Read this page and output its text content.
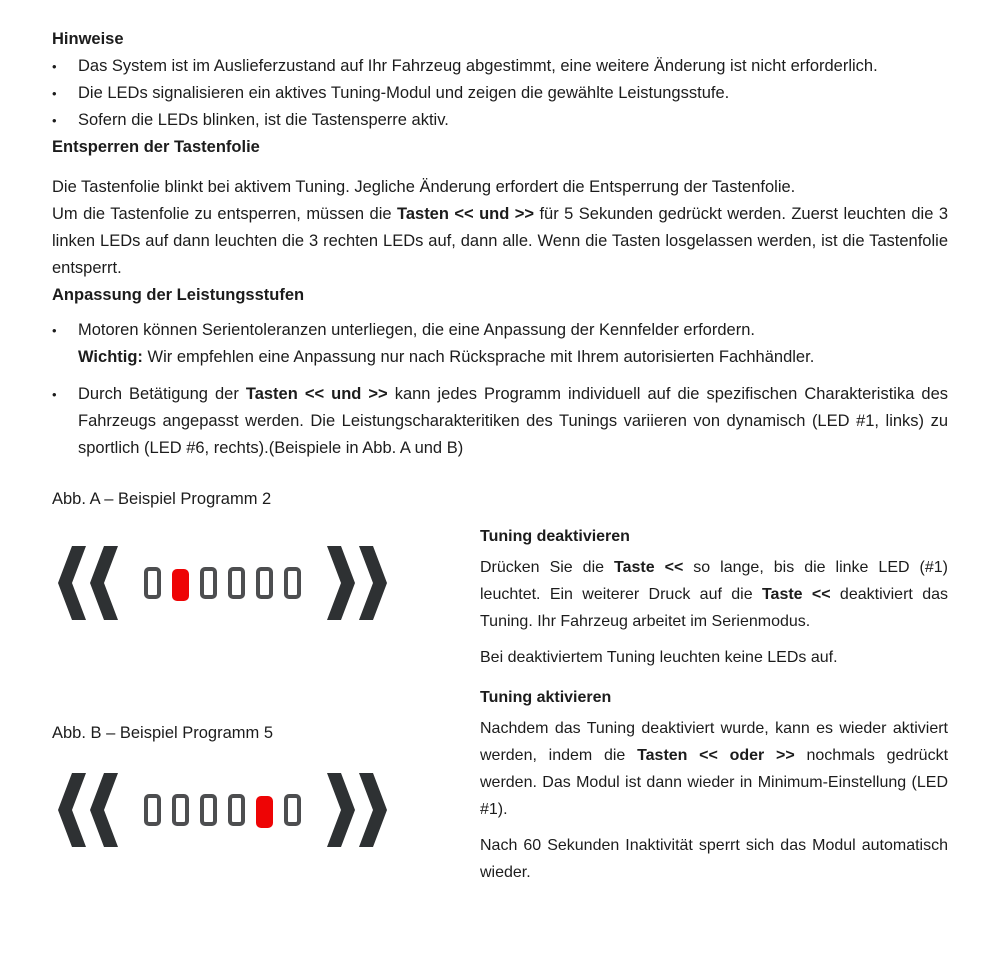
Hinweise
•	Das System ist im Auslieferzustand auf Ihr Fahrzeug abgestimmt, eine weitere Änderung ist nicht erforderlich.

•	Die LEDs signalisieren ein aktives Tuning-Modul und zeigen die gewählte Leistungsstufe.

•	Sofern die LEDs blinken, ist die Tastensperre aktiv.

Entsperren der Tastenfolie

Die Tastenfolie blinkt bei aktivem Tuning. Jegliche Änderung erfordert die Entsperrung der Tastenfolie.

Um die Tastenfolie zu entsperren, müssen die Tasten << und >> für 5 Sekunden gedrückt werden. Zuerst leuchten die 3 linken LEDs auf dann leuchten die 3 rechten LEDs auf, dann alle. Wenn die Tasten losgelassen werden, ist die Tastenfolie entsperrt.

Anpassung der Leistungsstufen
•	Motoren können Serientoleranzen unterliegen, die eine Anpassung der Kennfelder erfordern.
Wichtig: Wir empfehlen eine Anpassung nur nach Rücksprache mit Ihrem autorisierten Fachhändler.

•	Durch Betätigung der Tasten << und >> kann jedes Programm individuell auf die spezifischen Charakteristika des Fahrzeugs angepasst werden. Die Leistungscharakteritiken des Tunings variieren von dynamisch (LED #1, links) zu sportlich (LED #6, rechts).(Beispiele in Abb. A und B)

Abb. A – Beispiel Programm 2

Abb. B – Beispiel Programm 5

Tuning deaktivieren

Drücken Sie die Taste << so lange, bis die linke LED (#1) leuchtet. Ein weiterer Druck auf die Taste << deaktiviert das Tuning. Ihr Fahrzeug arbeitet im Serienmodus.

Bei deaktiviertem Tuning leuchten keine LEDs auf.

Tuning aktivieren

Nachdem das Tuning deaktiviert wurde, kann es wieder aktiviert werden, indem die Tasten << oder >> nochmals gedrückt werden. Das Modul ist dann wieder in Minimum-Einstellung (LED #1).

Nach 60 Sekunden Inaktivität sperrt sich das Modul automatisch wieder.
